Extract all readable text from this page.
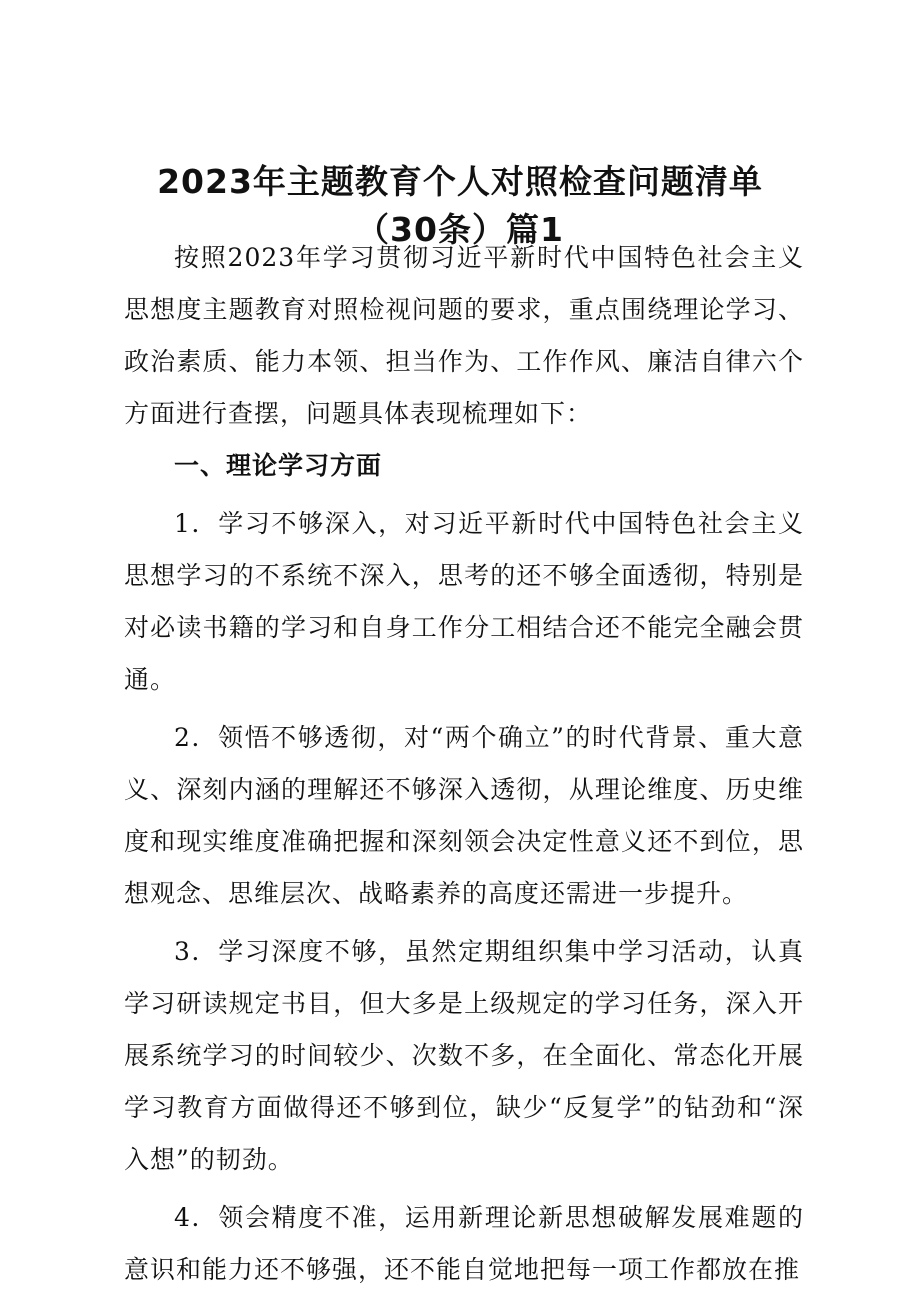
2023年主题教育个人对照检查问题清单（30条）篇1

按照2023年学习贯彻习近平新时代中国特色社会主义思想度主题教育对照检视问题的要求，重点围绕理论学习、政治素质、能力本领、担当作为、工作作风、廉洁自律六个方面进行查摆，问题具体表现梳理如下：

一、理论学习方面

1．学习不够深入，对习近平新时代中国特色社会主义思想学习的不系统不深入，思考的还不够全面透彻，特别是对必读书籍的学习和自身工作分工相结合还不能完全融会贯通。

2．领悟不够透彻，对“两个确立”的时代背景、重大意义、深刻内涵的理解还不够深入透彻，从理论维度、历史维度和现实维度准确把握和深刻领会决定性意义还不到位，思想观念、思维层次、战略素养的高度还需进一步提升。

3．学习深度不够，虽然定期组织集中学习活动，认真学习研读规定书目，但大多是上级规定的学习任务，深入开展系统学习的时间较少、次数不多，在全面化、常态化开展学习教育方面做得还不够到位，缺少“反复学”的钻劲和“深入想”的韧劲。

4．领会精度不准，运用新理论新思想破解发展难题的意识和能力还不够强，还不能自觉地把每一项工作都放在推
